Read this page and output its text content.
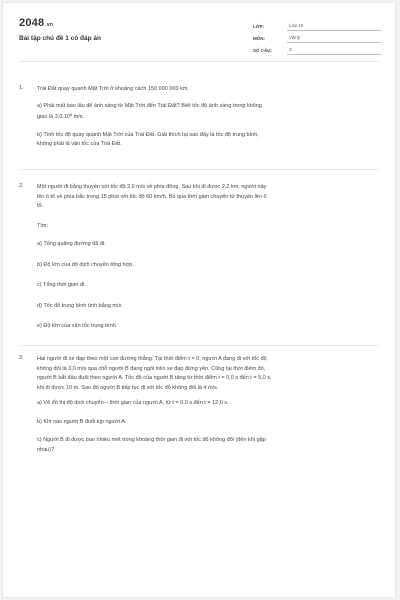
2048.vn
Bài tập chủ đề 1 có đáp án
LỚP:	Lớp 10
MÔN:	Vật lý
SỐ CÂU:	3
1.	Trái Đất quay quanh Mặt Trời ở khoảng cách 150 000 000 km.

a) Phải mất bao lâu để ánh sáng từ Mặt Trời đến Trái Đất? Biết tốc độ ánh sáng trong không
gian là 3,0.10$^8$ m/s.

b) Tính tốc độ quay quanh Mặt Trời của Trái Đất. Giải thích tại sao đây là tốc độ trung bình,
không phải là vận tốc của Trái Đất.

2.	Một người đi bằng thuyền với tốc độ 2,0 m/s về phía đông. Sau khi đi được 2,2 km, người này
lên ô tô về phía bắc trong 15 phút với tốc độ 60 km/h. Bỏ qua thời gian chuyển từ thuyền lên ô
tô.

Tìm:

a) Tổng quãng đường đã đi.

b) Độ lớn của độ dịch chuyển tổng hợp.

c) Tổng thời gian đi.

d) Tốc độ trung bình tính bằng m/s.

e) Độ lớn của vận tốc trung bình.

3.	Hai người đi xe đạp theo một con đường thẳng. Tại thời điểm t = 0, người A đang đi với tốc độ
không đổi là 3,0 m/s qua chỗ người B đang ngồi trên xe đạp đứng yên. Cũng tại thời điểm đó,
người B bắt đầu đuổi theo người A. Tốc độ của người B tăng từ thời điểm t = 0,0 s đến t = 5,0 s,
khi đi được 10 m. Sau đó người B tiếp tục đi với tốc độ không đổi là 4 m/s.

a) Vẽ đồ thị độ dịch chuyển – thời gian của người A, từ t = 0,0 s đến t = 12,0 s.

b) Khi nào người B đuổi kịp người A.

c) Người B đi được bao nhiêu mét trong khoảng thời gian đi với tốc độ không đổi (đến khi gặp
nhau)?
